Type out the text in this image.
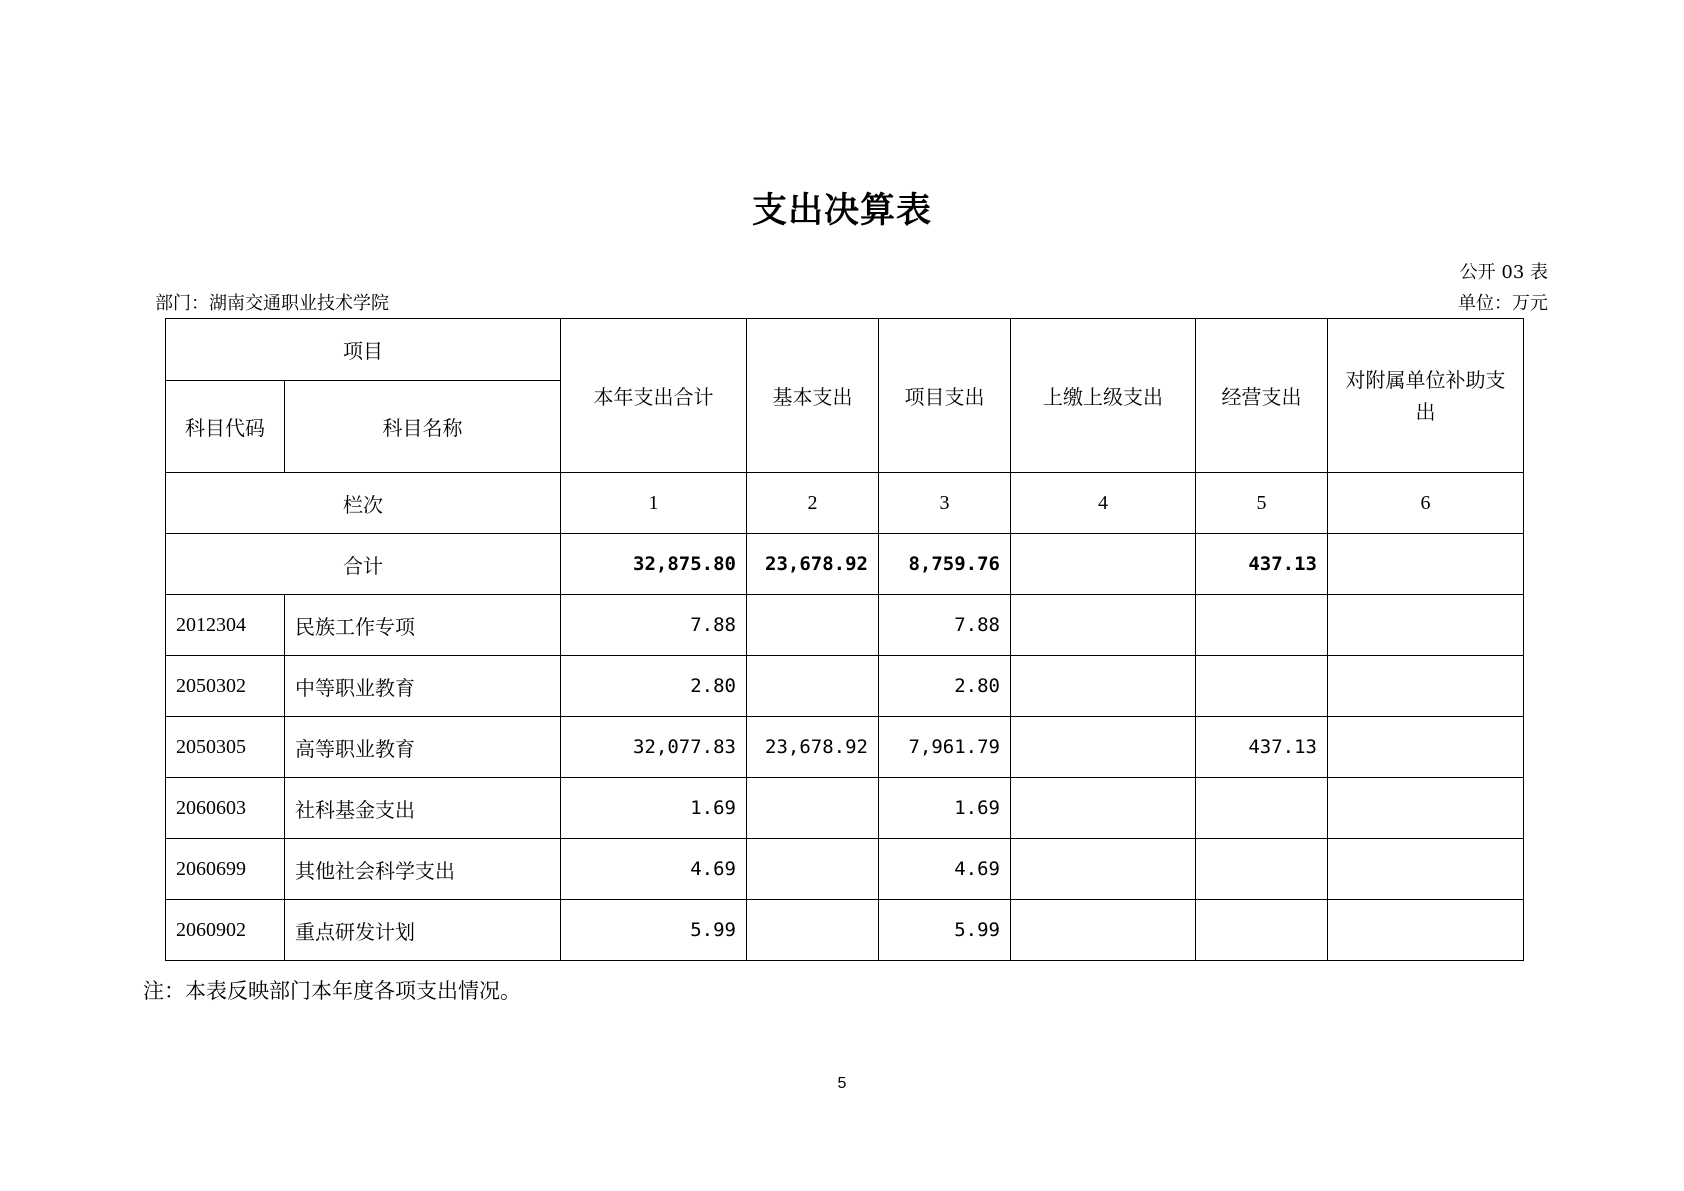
支出决算表
公开 03 表
部门：湖南交通职业技术学院	单位：万元
项目		本年支出合计	基本支出	项目支出	上缴上级支出	经营支出	对附属单位补助支出
科目代码	科目名称						
栏次		1	2	3	4	5	6
合计		32,875.80	23,678.92	8,759.76		437.13	
2012304	民族工作专项	7.88		7.88			
2050302	中等职业教育	2.80		2.80			
2050305	高等职业教育	32,077.83	23,678.92	7,961.79		437.13	
2060603	社科基金支出	1.69		1.69			
2060699	其他社会科学支出	4.69		4.69			
2060902	重点研发计划	5.99		5.99			
注：本表反映部门本年度各项支出情况。
5
